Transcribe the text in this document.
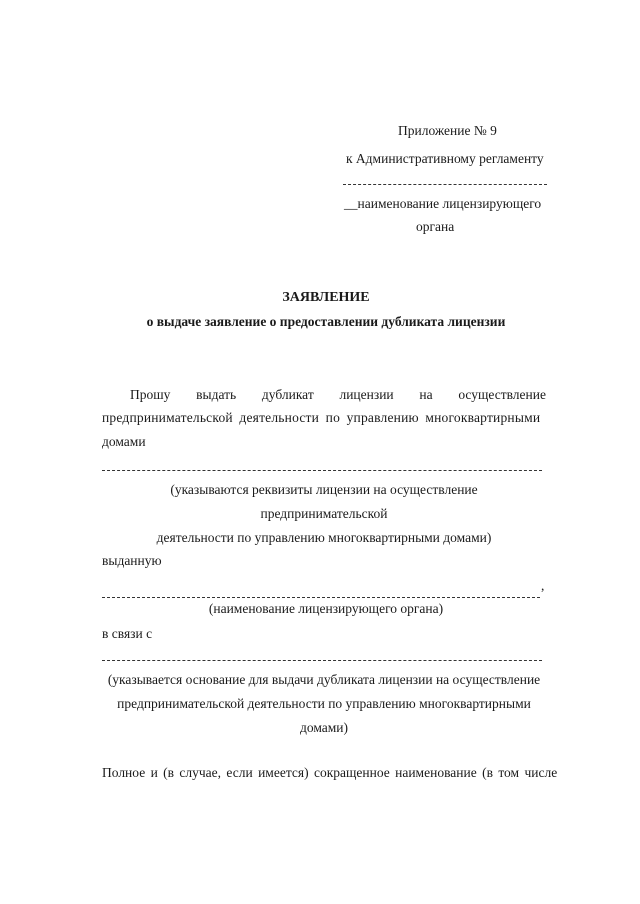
Приложение № 9
к Административному регламенту
__наименование лицензирующего
органа
ЗАЯВЛЕНИЕ
о выдаче заявление о предоставлении дубликата лицензии
Прошу выдать дубликат лицензии на осуществление
предпринимательской деятельности по управлению многоквартирными
домами
(указываются реквизиты лицензии на осуществление
предпринимательской
деятельности по управлению многоквартирными домами)
выданную
,
(наименование лицензирующего органа)
в связи с
(указывается основание для выдачи дубликата лицензии на осуществление
предпринимательской деятельности по управлению многоквартирными
домами)
Полное и (в случае, если имеется) сокращенное наименование (в том числе
